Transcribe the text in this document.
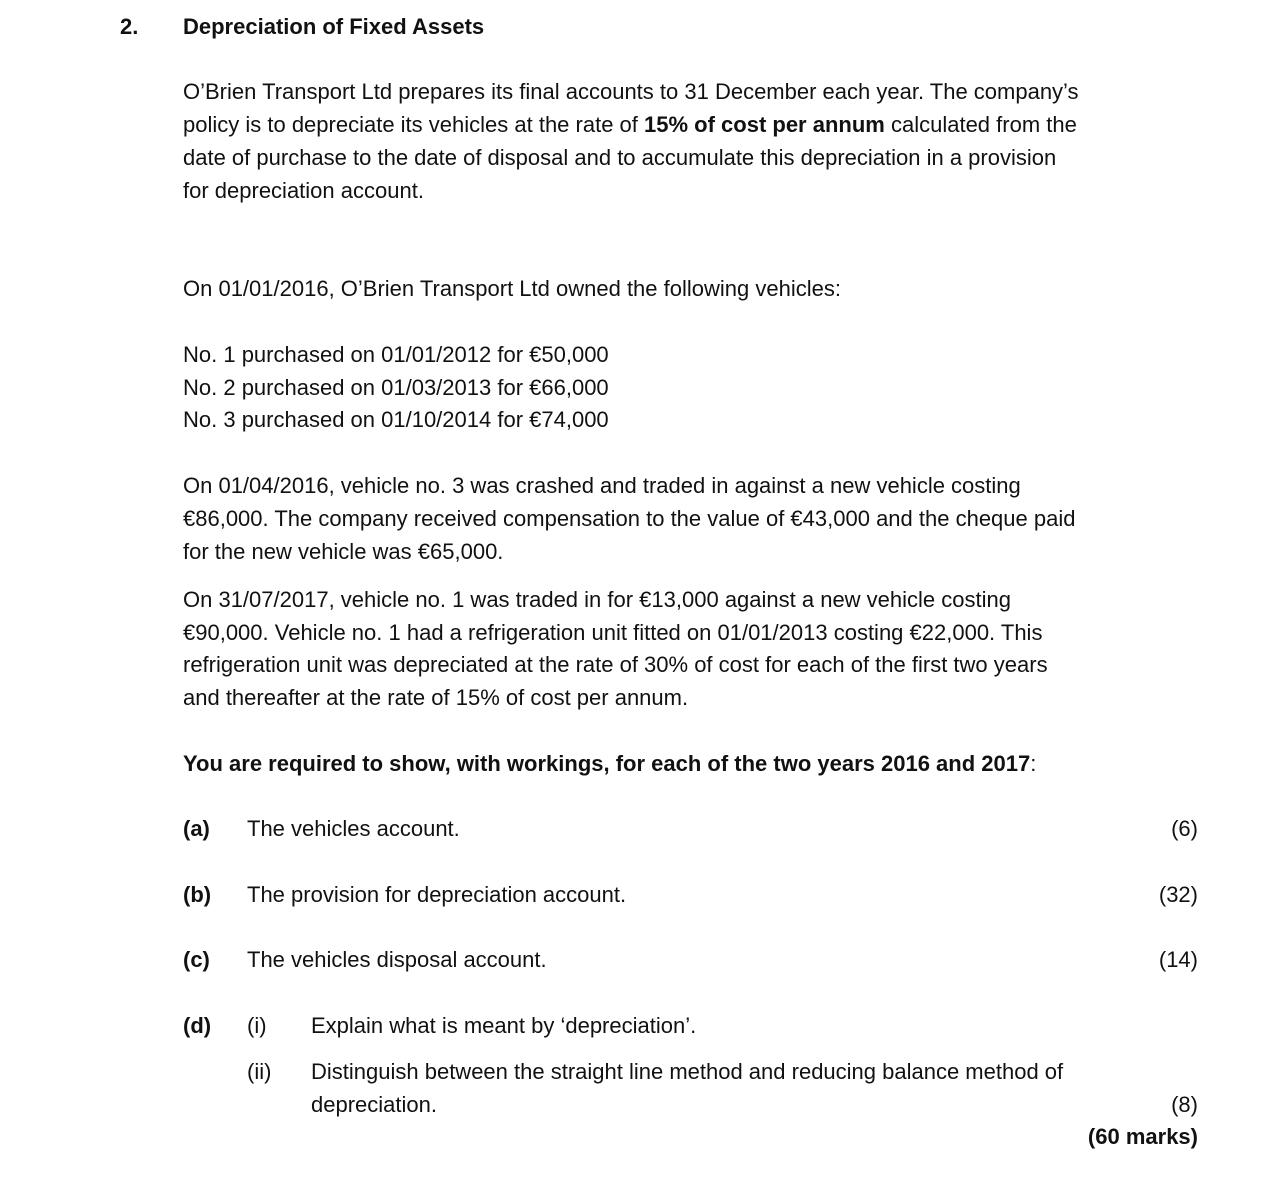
2. Depreciation of Fixed Assets
O’Brien Transport Ltd prepares its final accounts to 31 December each year. The company’s
policy is to depreciate its vehicles at the rate of 15% of cost per annum calculated from the
date of purchase to the date of disposal and to accumulate this depreciation in a provision
for depreciation account.
On 01/01/2016, O’Brien Transport Ltd owned the following vehicles:
No. 1 purchased on 01/01/2012 for €50,000
No. 2 purchased on 01/03/2013 for €66,000
No. 3 purchased on 01/10/2014 for €74,000
On 01/04/2016, vehicle no. 3 was crashed and traded in against a new vehicle costing
€86,000. The company received compensation to the value of €43,000 and the cheque paid
for the new vehicle was €65,000.
On 31/07/2017, vehicle no. 1 was traded in for €13,000 against a new vehicle costing
€90,000. Vehicle no. 1 had a refrigeration unit fitted on 01/01/2013 costing €22,000. This
refrigeration unit was depreciated at the rate of 30% of cost for each of the first two years
and thereafter at the rate of 15% of cost per annum.
You are required to show, with workings, for each of the two years 2016 and 2017:
(a) The vehicles account.	(6)
(b) The provision for depreciation account.	(32)
(c) The vehicles disposal account.	(14)
(d) (i) Explain what is meant by ‘depreciation’.
(ii) Distinguish between the straight line method and reducing balance method of
depreciation.	(8)
(60 marks)
